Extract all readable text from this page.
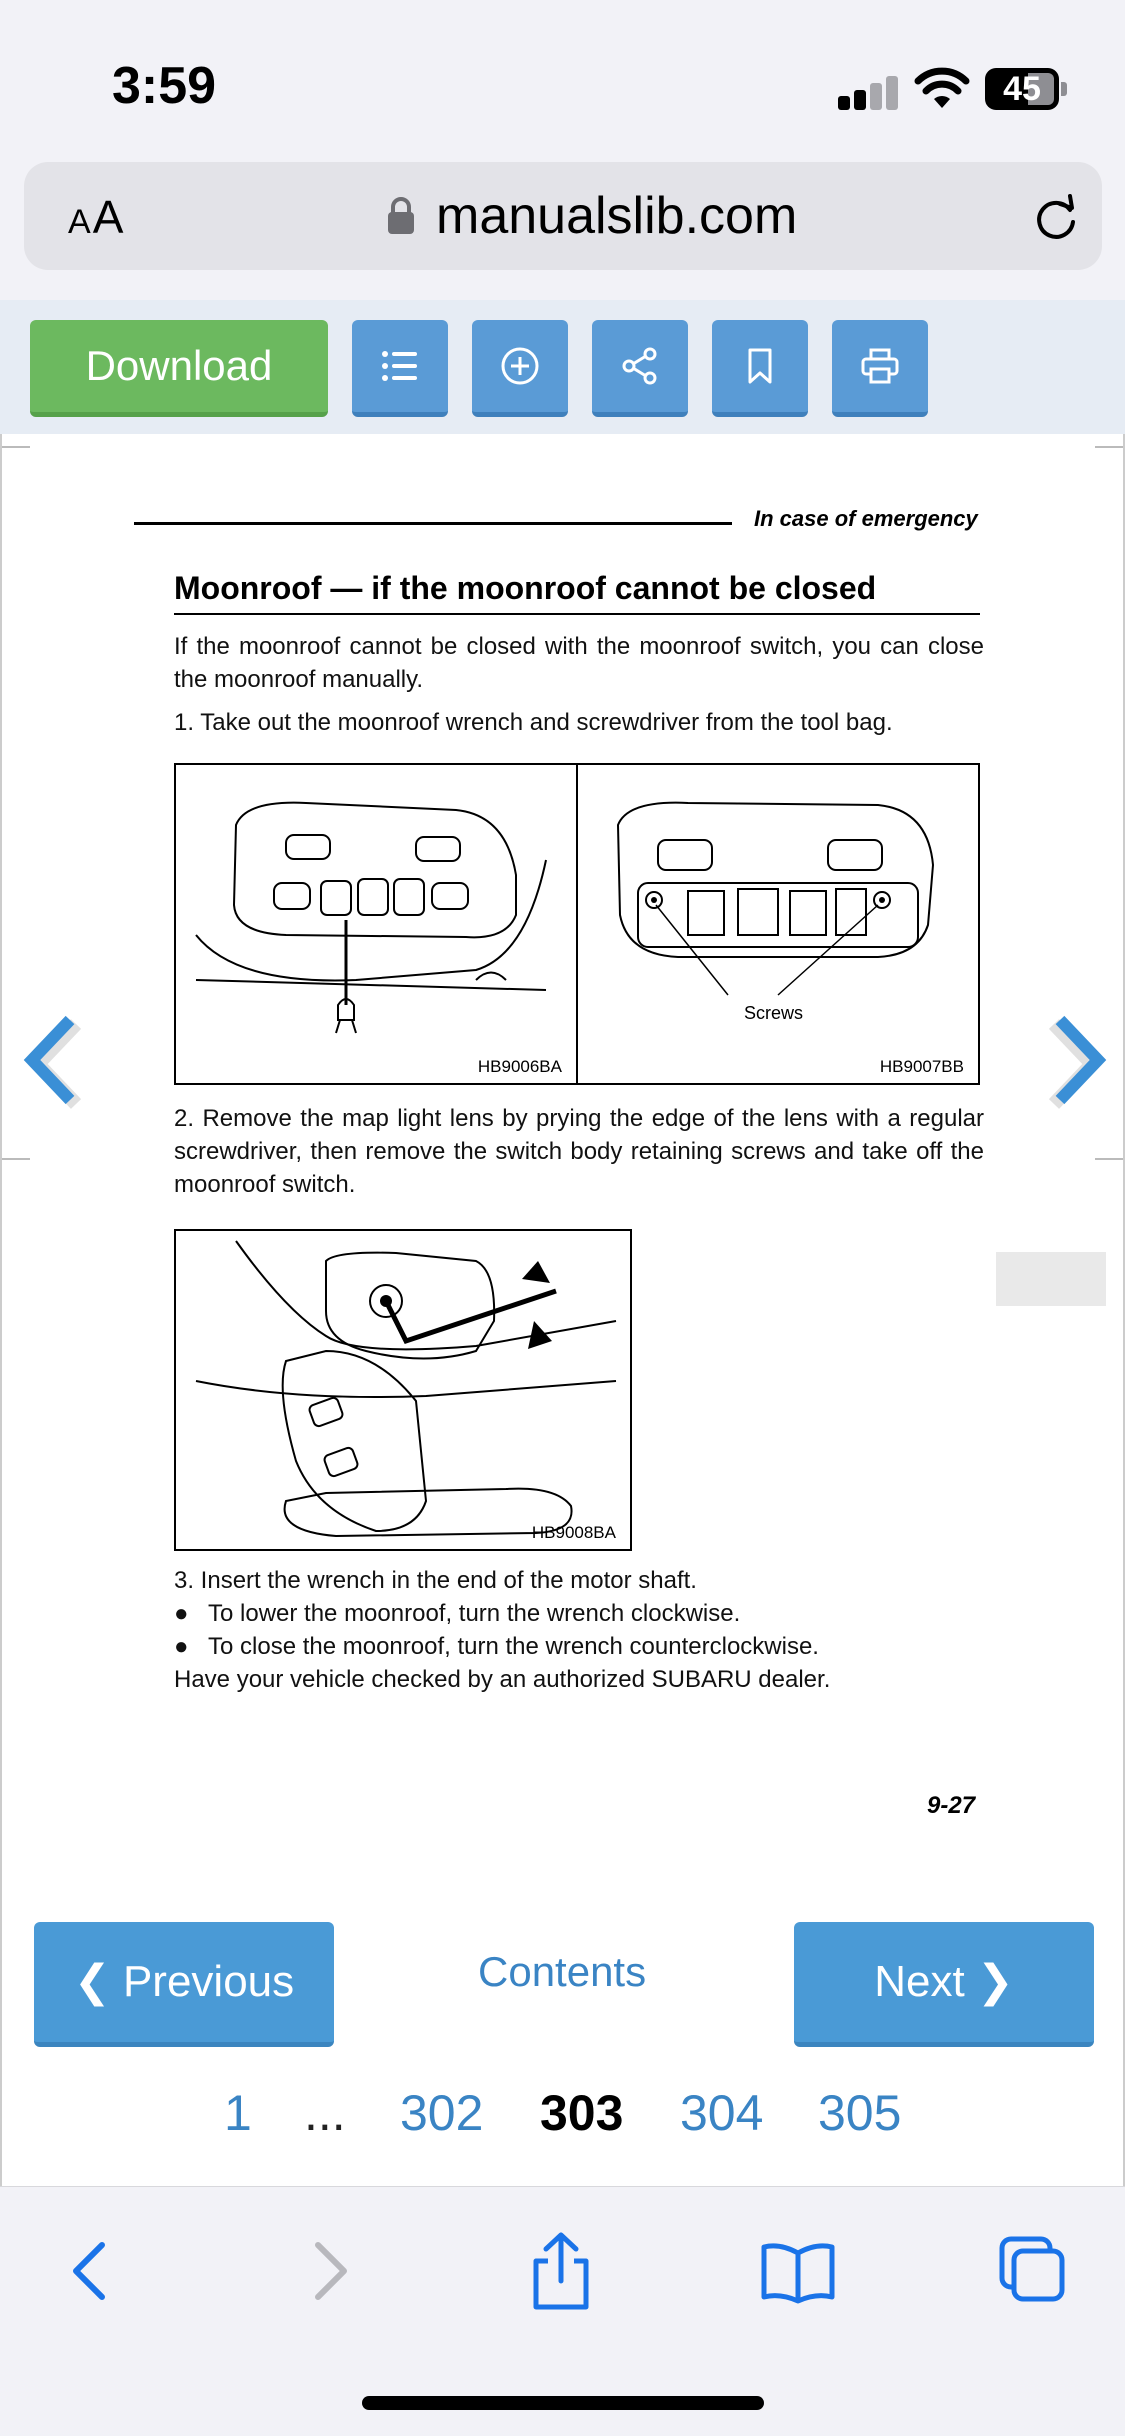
3:59	45
AA	manualslib.com
Download
In case of emergency
Moonroof — if the moonroof cannot be closed
If the moonroof cannot be closed with the moonroof switch, you can close the moonroof manually.
1. Take out the moonroof wrench and screwdriver from the tool bag.
HB9006BA
Screws
HB9007BB
2. Remove the map light lens by prying the edge of the lens with a regular screwdriver, then remove the switch body retaining screws and take off the moonroof switch.
HB9008BA
3. Insert the wrench in the end of the motor shaft.
● To lower the moonroof, turn the wrench clockwise.
● To close the moonroof, turn the wrench counterclockwise.
Have your vehicle checked by an authorized SUBARU dealer.
9-27
❮ Previous	Contents	Next ❯
1 ... 302 303 304 305
